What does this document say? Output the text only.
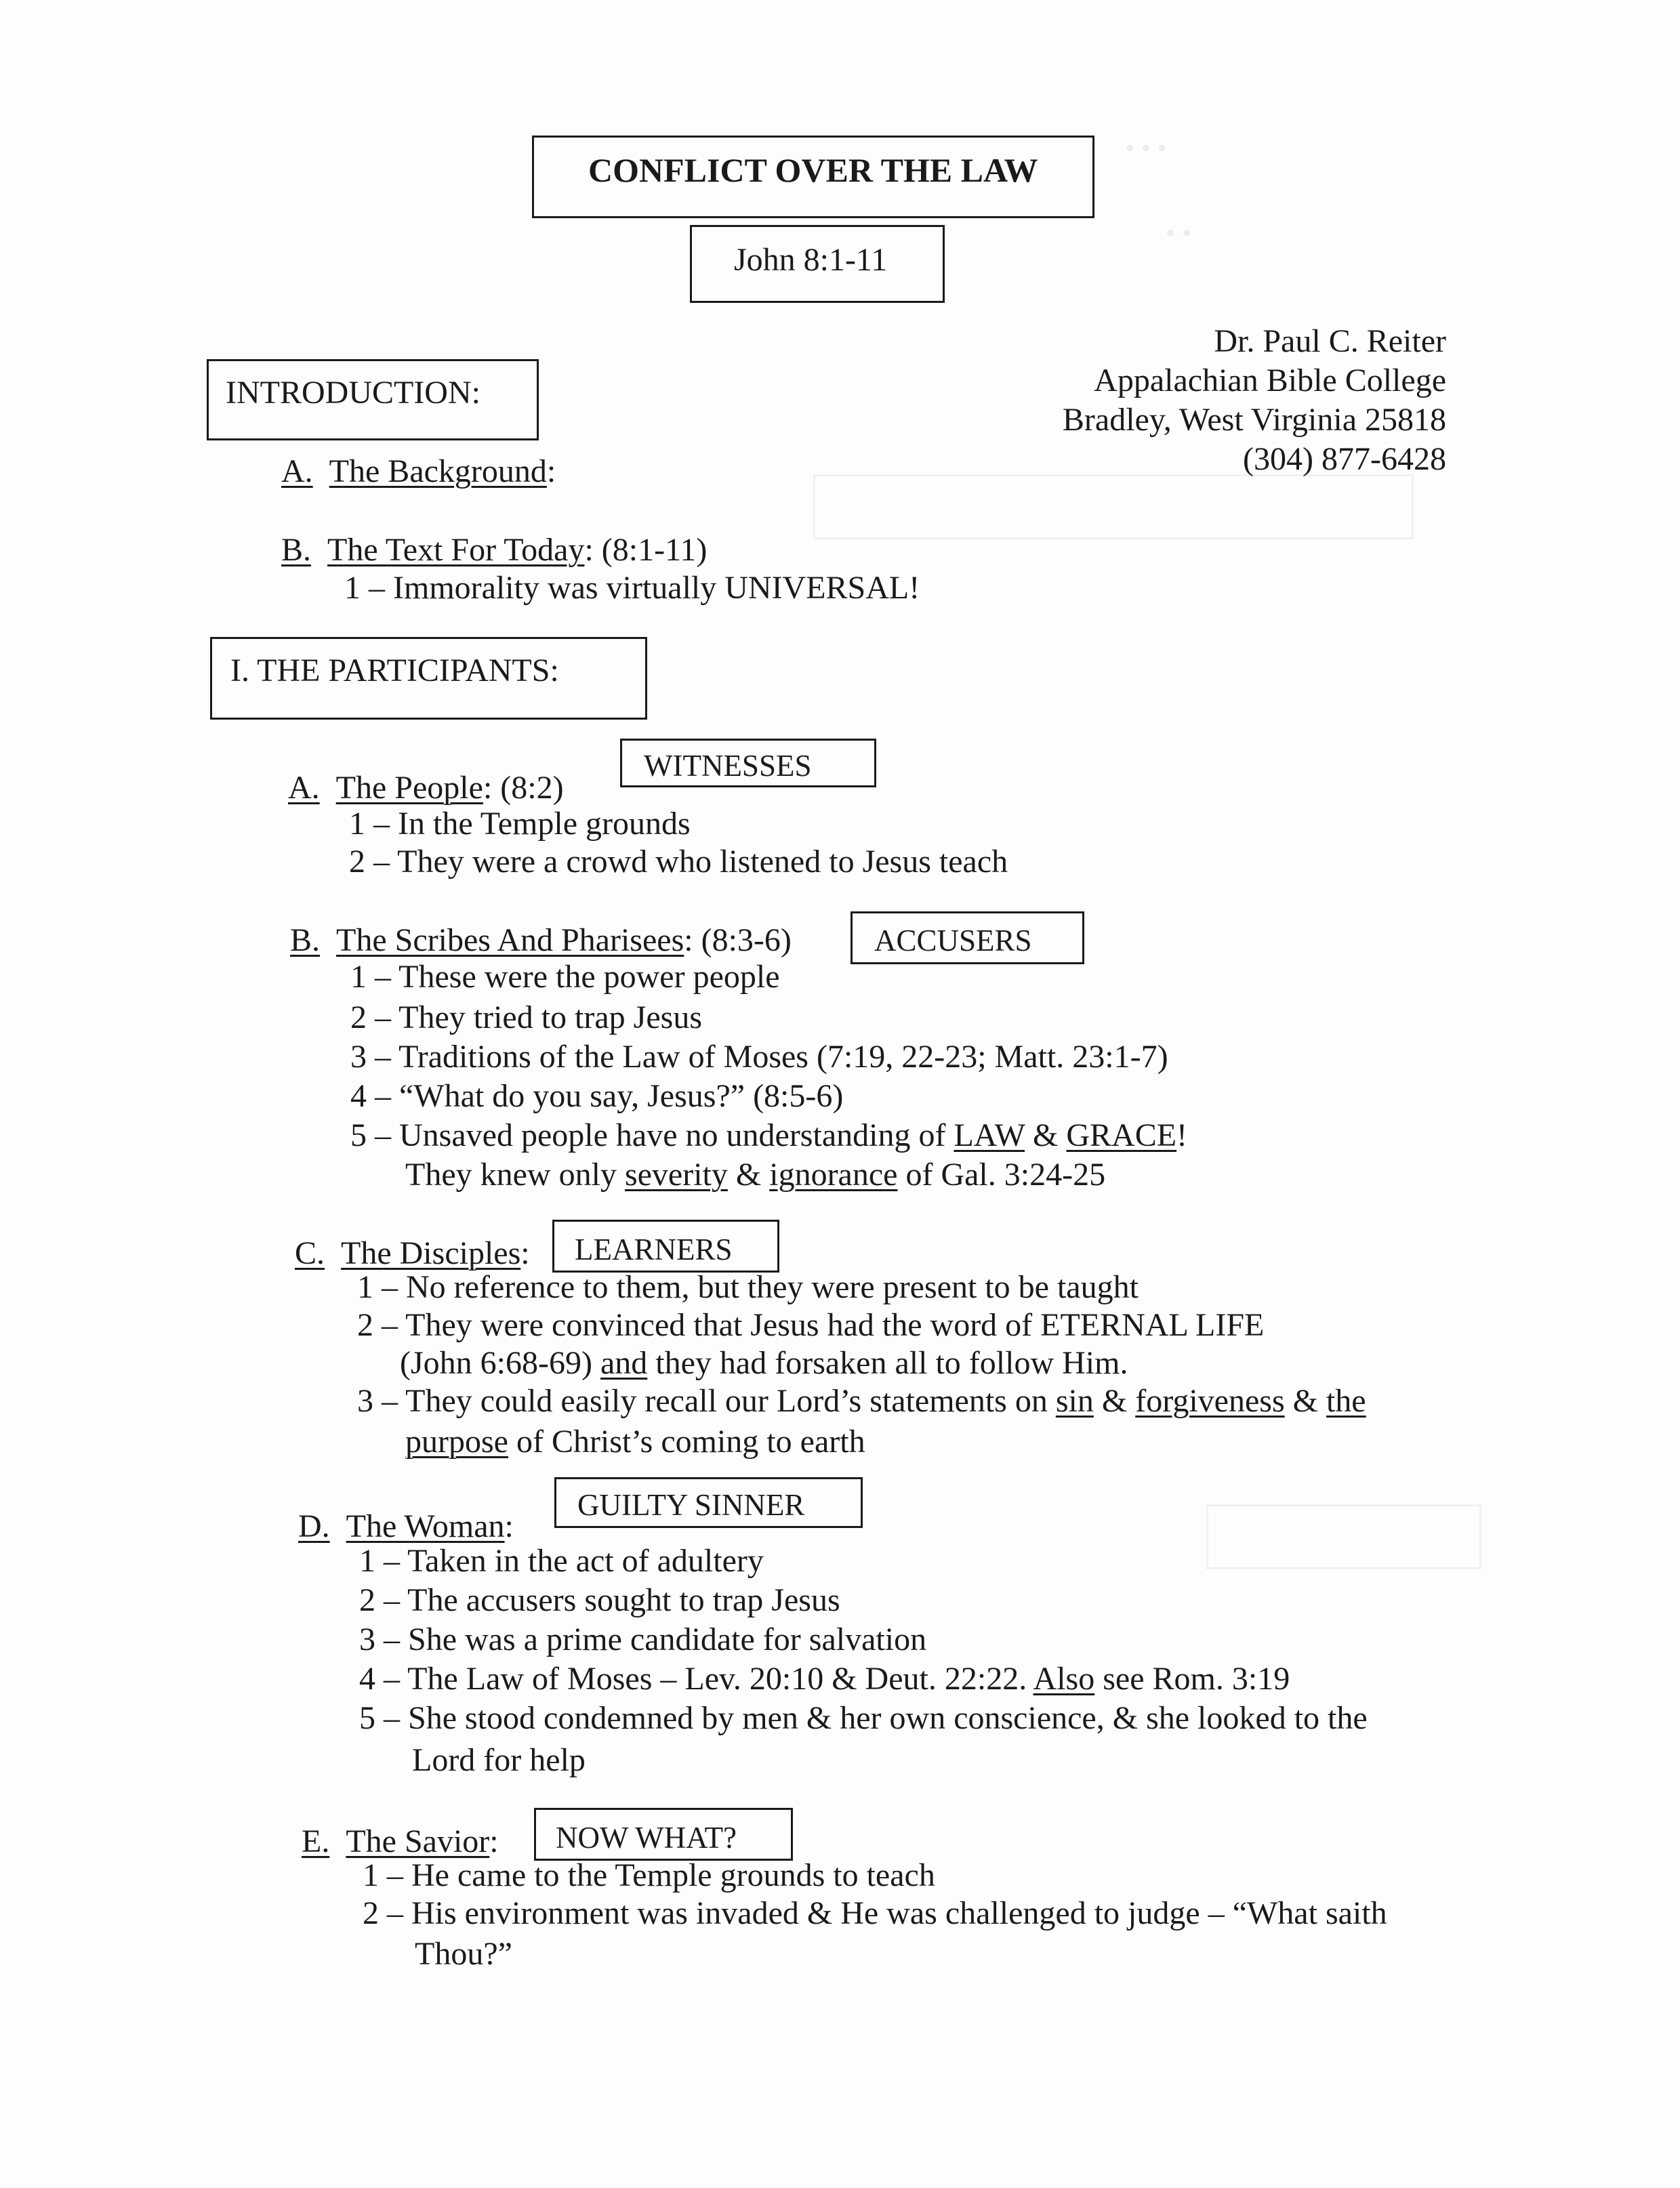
• • •
• •
CONFLICT OVER THE LAW
John 8:1-11
Dr. Paul C. Reiter
Appalachian Bible College
Bradley, West Virginia 25818
(304) 877-6428
INTRODUCTION:
A. The Background:
B. The Text For Today: (8:1-11)
1 – Immorality was virtually UNIVERSAL!
I. THE PARTICIPANTS:
A. The People: (8:2)
WITNESSES
1 – In the Temple grounds
2 – They were a crowd who listened to Jesus teach
B. The Scribes And Pharisees: (8:3-6)	ACCUSERS
1 – These were the power people
2 – They tried to trap Jesus
3 – Traditions of the Law of Moses (7:19, 22-23; Matt. 23:1-7)
4 – “What do you say, Jesus?” (8:5-6)
5 – Unsaved people have no understanding of LAW & GRACE!
They knew only severity & ignorance of Gal. 3:24-25
C. The Disciples: LEARNERS
1 – No reference to them, but they were present to be taught
2 – They were convinced that Jesus had the word of ETERNAL LIFE
(John 6:68-69) and they had forsaken all to follow Him.
3 – They could easily recall our Lord’s statements on sin & forgiveness & the
purpose of Christ’s coming to earth
D. The Woman:
GUILTY SINNER
1 – Taken in the act of adultery
2 – The accusers sought to trap Jesus
3 – She was a prime candidate for salvation
4 – The Law of Moses – Lev. 20:10 & Deut. 22:22. Also see Rom. 3:19
5 – She stood condemned by men & her own conscience, & she looked to the
Lord for help
E. The Savior: NOW WHAT?
1 – He came to the Temple grounds to teach
2 – His environment was invaded & He was challenged to judge – “What saith
Thou?”
